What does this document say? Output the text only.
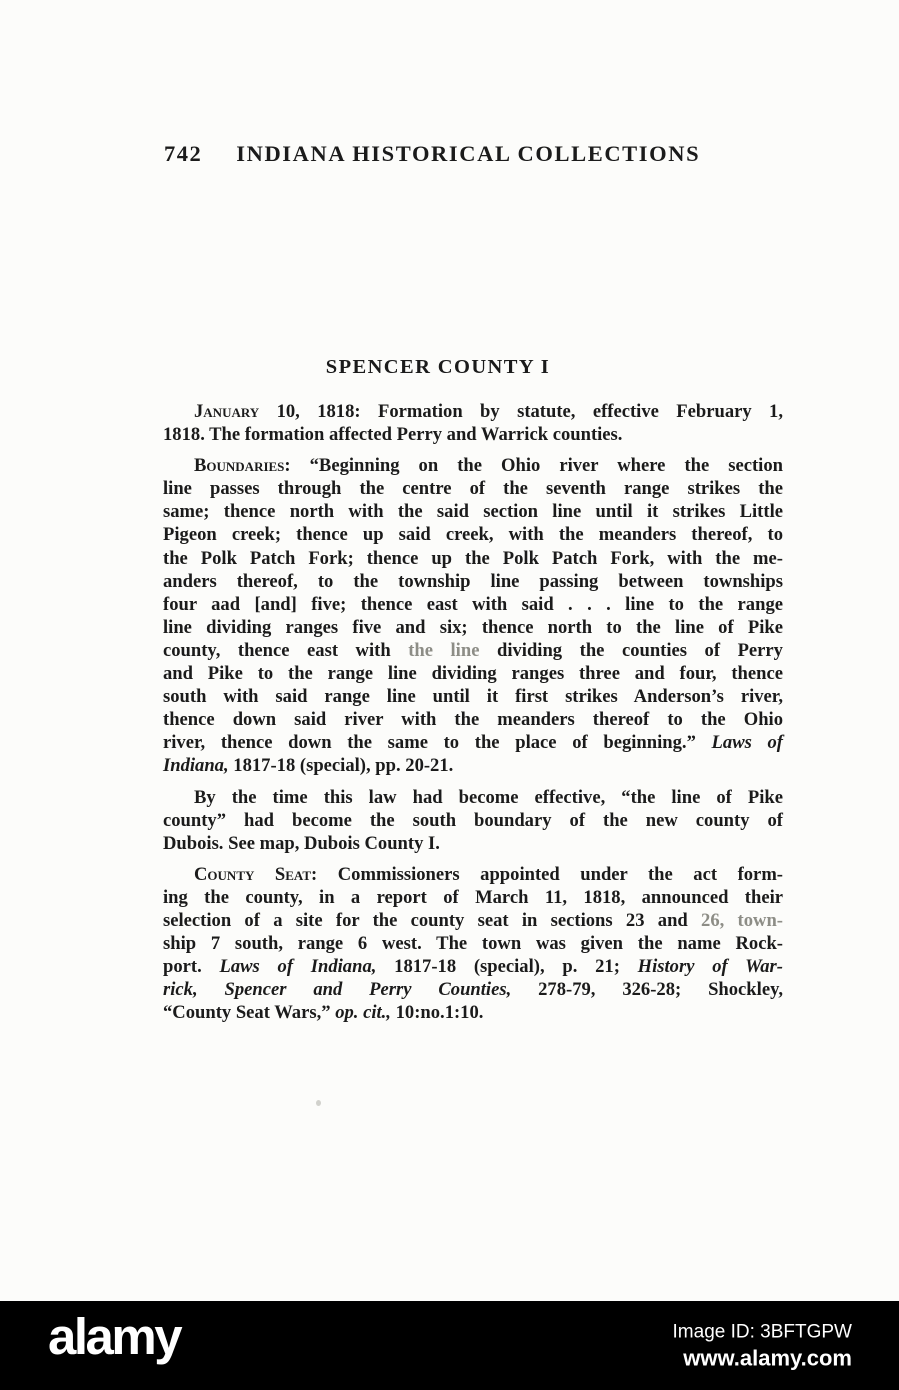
742 INDIANA HISTORICAL COLLECTIONS
SPENCER COUNTY I
January 10, 1818: Formation by statute, effective February 1,
1818. The formation affected Perry and Warrick counties.
Boundaries: “Beginning on the Ohio river where the section
line passes through the centre of the seventh range strikes the
same; thence north with the said section line until it strikes Little
Pigeon creek; thence up said creek, with the meanders thereof, to
the Polk Patch Fork; thence up the Polk Patch Fork, with the me-
anders thereof, to the township line passing between townships
four aad [and] five; thence east with said . . . line to the range
line dividing ranges five and six; thence north to the line of Pike
county, thence east with the line dividing the counties of Perry
and Pike to the range line dividing ranges three and four, thence
south with said range line until it first strikes Anderson’s river,
thence down said river with the meanders thereof to the Ohio
river, thence down the same to the place of beginning.” Laws of
Indiana, 1817-18 (special), pp. 20-21.
By the time this law had become effective, “the line of Pike
county” had become the south boundary of the new county of
Dubois. See map, Dubois County I.
County Seat: Commissioners appointed under the act form-
ing the county, in a report of March 11, 1818, announced their
selection of a site for the county seat in sections 23 and 26, town-
ship 7 south, range 6 west. The town was given the name Rock-
port. Laws of Indiana, 1817-18 (special), p. 21; History of War-
rick, Spencer and Perry Counties, 278-79, 326-28; Shockley,
“County Seat Wars,” op. cit., 10:no.1:10.
alamy	Image ID: 3BFTGPW
www.alamy.com
